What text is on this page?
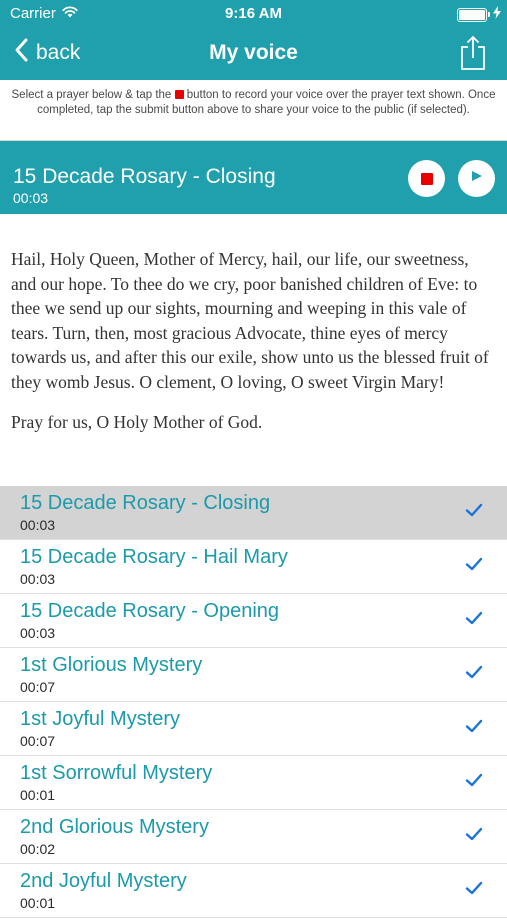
Carrier	9:16 AM
back	My voice
Select a prayer below & tap the button to record your voice over the prayer text shown. Once completed, tap the submit button above to share your voice to the public (if selected).
15 Decade Rosary - Closing
00:03

Hail, Holy Queen, Mother of Mercy, hail, our life, our sweetness, and our hope. To thee do we cry, poor banished children of Eve: to thee we send up our sights, mourning and weeping in this vale of tears. Turn, then, most gracious Advocate, thine eyes of mercy towards us, and after this our exile, show unto us the blessed fruit of they womb Jesus. O clement, O loving, O sweet Virgin Mary!

Pray for us, O Holy Mother of God.

15 Decade Rosary - Closing
00:03
15 Decade Rosary - Hail Mary
00:03
15 Decade Rosary - Opening
00:03
1st Glorious Mystery
00:07
1st Joyful Mystery
00:07
1st Sorrowful Mystery
00:01
2nd Glorious Mystery
00:02
2nd Joyful Mystery
00:01
